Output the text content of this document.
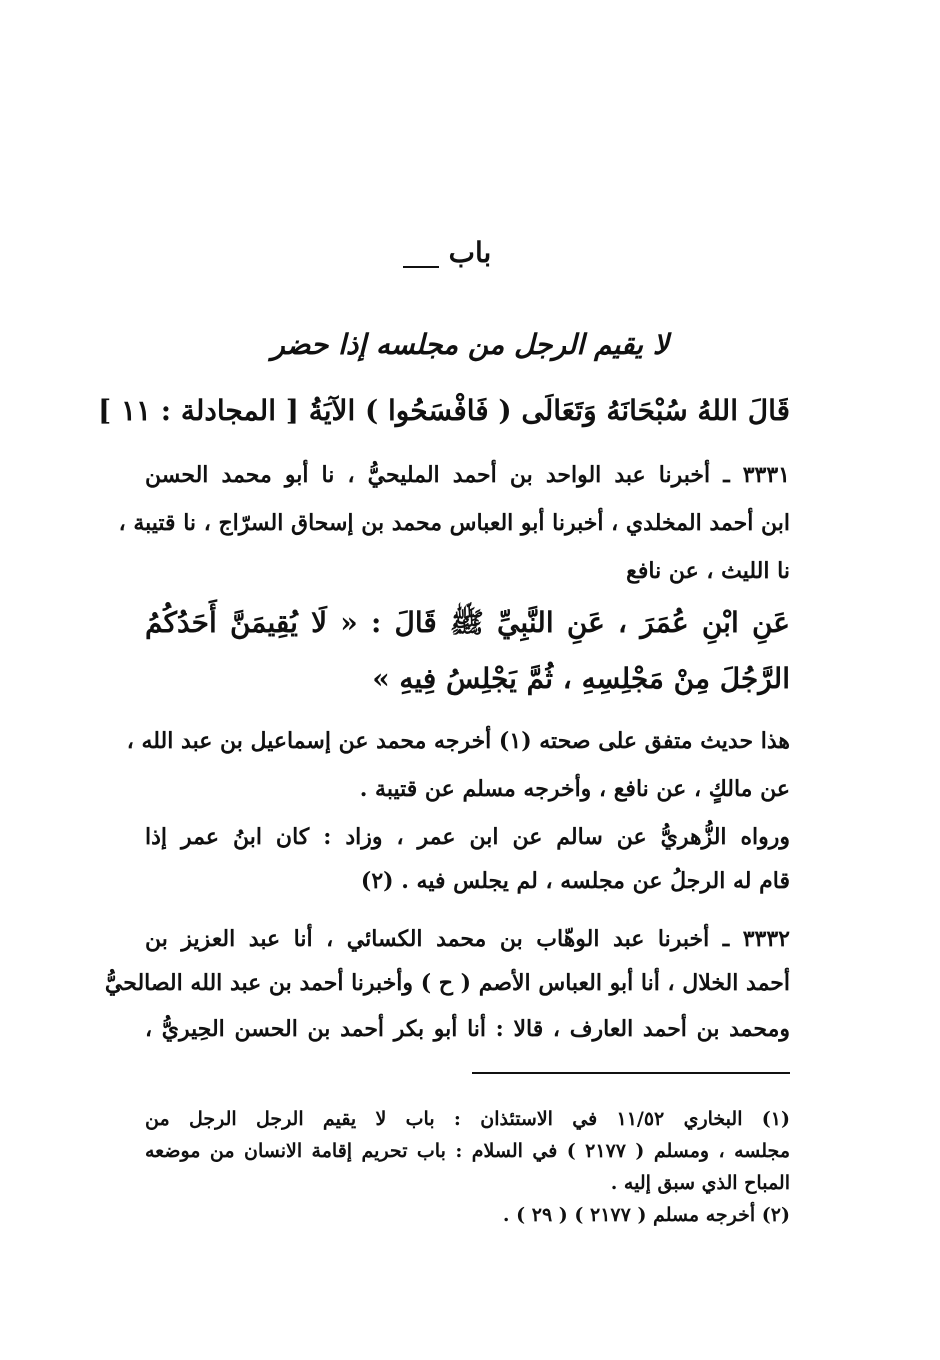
باب
لا يقيم الرجل من مجلسه إذا حضر
قَالَ اللهُ سُبْحَانَهُ وَتَعَالَى ( فَافْسَحُوا ) الآيَةُ [ المجادلة : ١١ ]
٣٣٣١ ـ أخبرنا عبد الواحد بن أحمد المليحيُّ ، نا أبو محمد الحسن
ابن أحمد المخلدي ، أخبرنا أبو العباس محمد بن إسحاق السرّاج ، نا قتيبة ،
نا الليث ، عن نافع
عَنِ ابْنِ عُمَرَ ، عَنِ النَّبِيِّ ﷺ قَالَ : « لَا يُقِيمَنَّ أَحَدُكُمُ
الرَّجُلَ مِنْ مَجْلِسِهِ ، ثُمَّ يَجْلِسُ فِيهِ »
هذا حديث متفق على صحته (١) أخرجه محمد عن إسماعيل بن عبد الله ،
عن مالكٍ ، عن نافع ، وأخرجه مسلم عن قتيبة .
ورواه الزُّهريُّ عن سالم عن ابن عمر ، وزاد : كان ابنُ عمر إذا
قام له الرجلُ عن مجلسه ، لم يجلس فيه . (٢)
٣٣٣٢ ـ أخبرنا عبد الوهّاب بن محمد الكسائي ، أنا عبد العزيز بن
أحمد الخلال ، أنا أبو العباس الأصم ( ح ) وأخبرنا أحمد بن عبد الله الصالحيُّ
ومحمد بن أحمد العارف ، قالا : أنا أبو بكر أحمد بن الحسن الحِيريُّ ،
(١) البخاري ١١/٥٢ في الاستئذان : باب لا يقيم الرجل الرجل من
مجلسه ، ومسلم ( ٢١٧٧ ) في السلام : باب تحريم إقامة الانسان من موضعه
المباح الذي سبق إليه .
(٢) أخرجه مسلم ( ٢١٧٧ ) ( ٢٩ ) .
